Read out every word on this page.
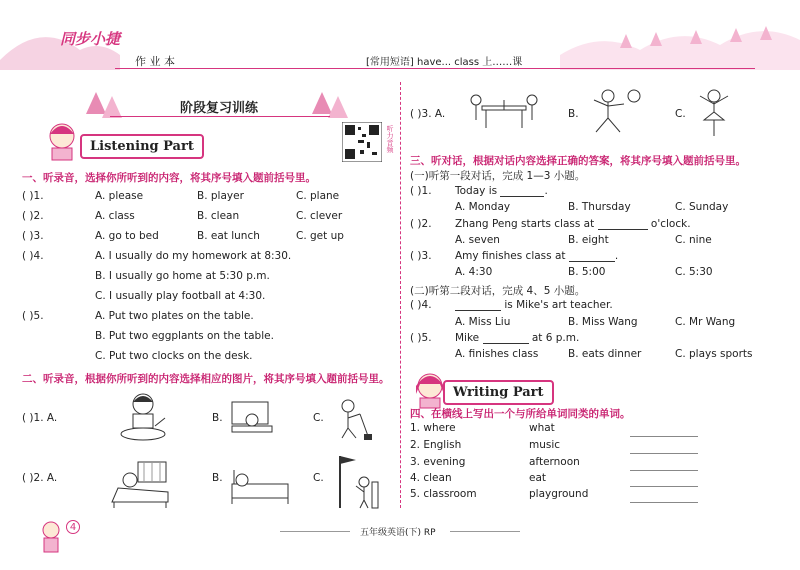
同步小捷
作 业 本	[常用短语] have... class 上……课
阶段复习训练
听力音频
Listening Part
一、听录音，选择你所听到的内容，将其序号填入题前括号里。
( )1.	A. please	B. player	C. plane
( )2.	A. class	B. clean	C. clever
( )3.	A. go to bed	B. eat lunch	C. get up
( )4.	A. I usually do my homework at 8:30.
B. I usually go home at 5:30 p.m.
C. I usually play football at 4:30.
( )5.	A. Put two plates on the table.
B. Put two eggplants on the table.
C. Put two clocks on the desk.
二、听录音，根据你所听到的内容选择相应的图片，将其序号填入题前括号里。
( )1. A.	B.	C.
( )2. A.	B.	C.
( )3. A.	B.	C.
三、听对话，根据对话内容选择正确的答案，将其序号填入题前括号里。
(一)听第一段对话，完成 1—3 小题。
( )1. Today is	.
A. Monday	B. Thursday	C. Sunday
( )2. Zhang Peng starts class at	o'clock.
A. seven	B. eight	C. nine
( )3. Amy finishes class at	.
A. 4:30	B. 5:00	C. 5:30
(二)听第二段对话，完成 4、5 小题。
( )4.	is Mike's art teacher.
A. Miss Liu	B. Miss Wang	C. Mr Wang
( )5. Mike	at 6 p.m.
A. finishes class	B. eats dinner	C. plays sports
Writing Part
四、在横线上写出一个与所给单词同类的单词。
1. where	what
2. English	music
3. evening	afternoon
4. clean	eat
5. classroom	playground
4	五年级英语(下) RP
